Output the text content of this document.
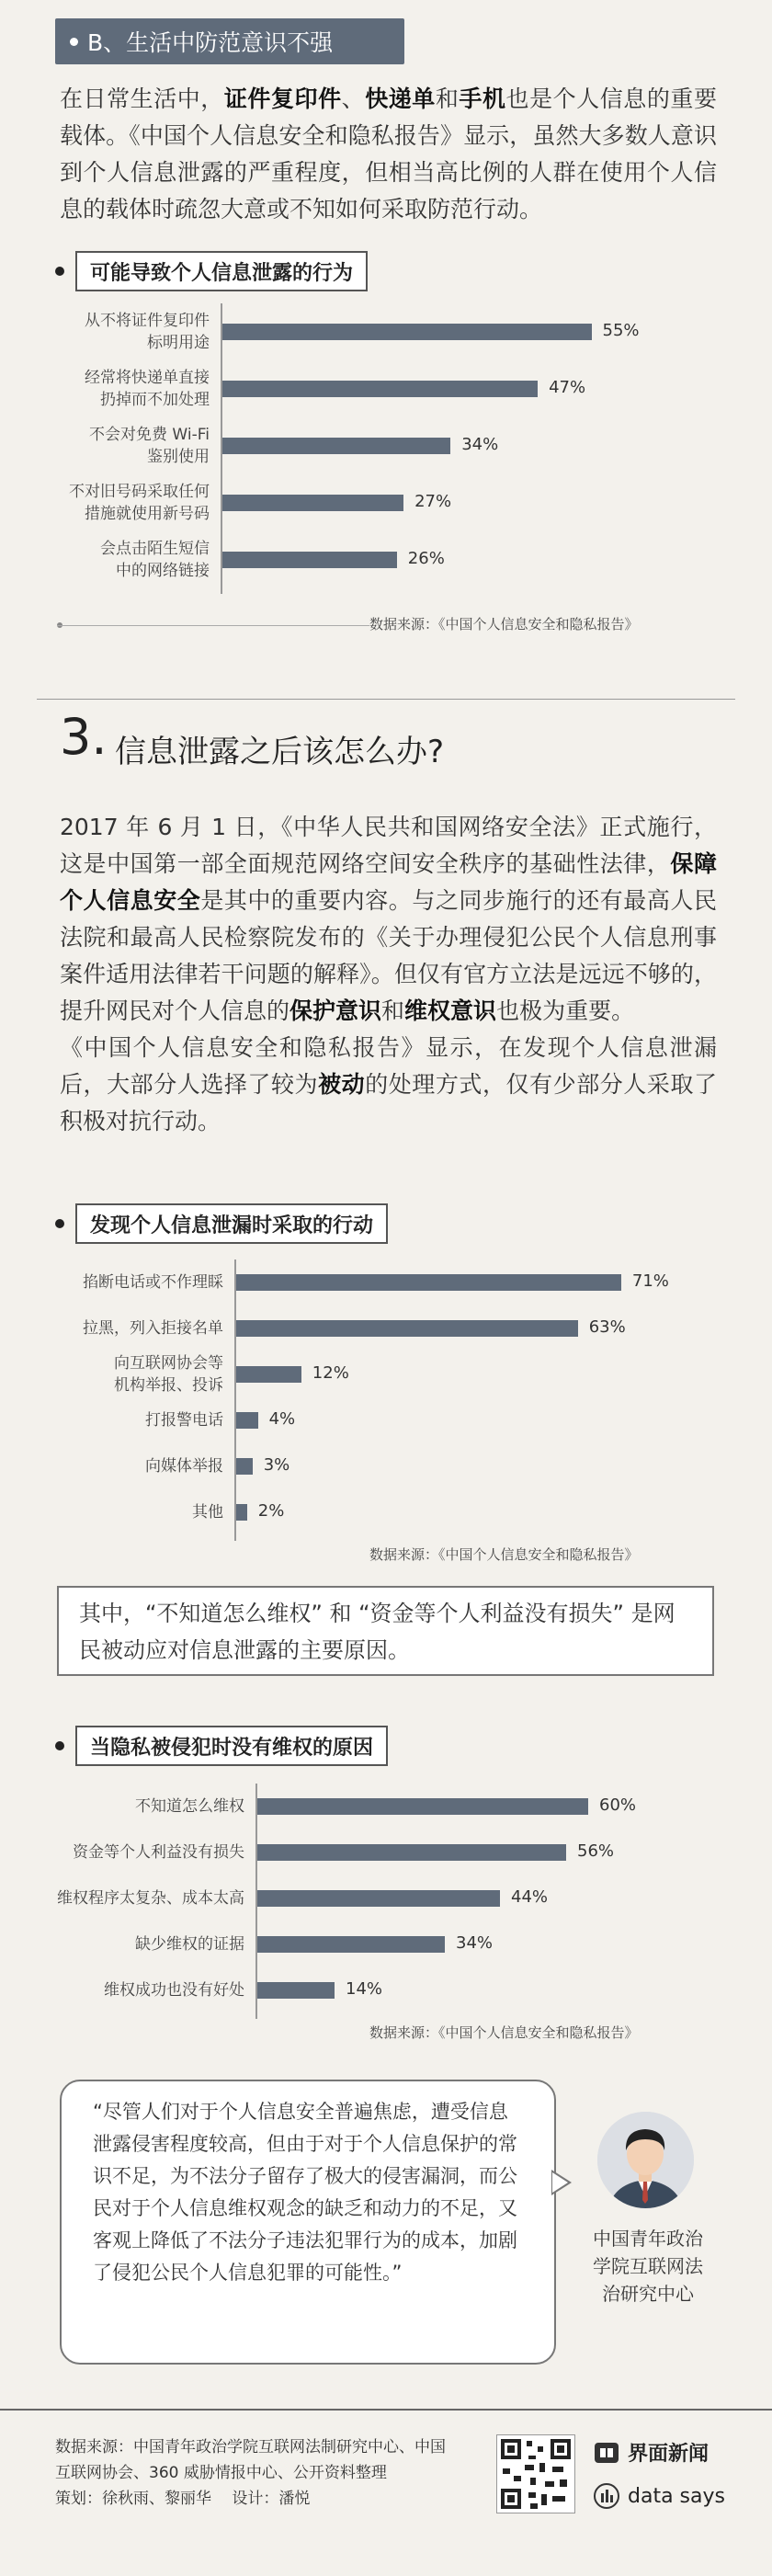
B、生活中防范意识不强
在日常生活中，证件复印件、快递单和手机也是个人信息的重要载体。《中国个人信息安全和隐私报告》显示，虽然大多数人意识到个人信息泄露的严重程度，但相当高比例的人群在使用个人信息的载体时疏忽大意或不知如何采取防范行动。
可能导致个人信息泄露的行为
从不将证件复印件
标明用途
55%
经常将快递单直接
扔掉而不加处理
47%
不会对免费 Wi-Fi
鉴别使用
34%
不对旧号码采取任何
措施就使用新号码
27%
会点击陌生短信
中的网络链接
26%
数据来源：《中国个人信息安全和隐私报告》
3. 信息泄露之后该怎么办?
2017 年 6 月 1 日，《中华人民共和国网络安全法》正式施行，这是中国第一部全面规范网络空间安全秩序的基础性法律，保障个人信息安全是其中的重要内容。与之同步施行的还有最高人民法院和最高人民检察院发布的《关于办理侵犯公民个人信息刑事案件适用法律若干问题的解释》。但仅有官方立法是远远不够的，提升网民对个人信息的保护意识和维权意识也极为重要。
《中国个人信息安全和隐私报告》显示，在发现个人信息泄漏后，大部分人选择了较为被动的处理方式，仅有少部分人采取了积极对抗行动。
发现个人信息泄漏时采取的行动
掐断电话或不作理睬	71%
拉黑，列入拒接名单	63%
向互联网协会等
机构举报、投诉
12%
打报警电话	4%
向媒体举报 3%
其他 2%
数据来源：《中国个人信息安全和隐私报告》
其中，“不知道怎么维权” 和 “资金等个人利益没有损失” 是网民被动应对信息泄露的主要原因。
当隐私被侵犯时没有维权的原因
不知道怎么维权	60%
资金等个人利益没有损失	56%
维权程序太复杂、成本太高	44%
缺少维权的证据	34%
维权成功也没有好处	14%
数据来源：《中国个人信息安全和隐私报告》
“尽管人们对于个人信息安全普遍焦虑，遭受信息泄露侵害程度较高，但由于对于个人信息保护的常识不足，为不法分子留存了极大的侵害漏洞，而公民对于个人信息维权观念的缺乏和动力的不足，又客观上降低了不法分子违法犯罪行为的成本，加剧了侵犯公民个人信息犯罪的可能性。”
中国青年政治
学院互联网法
治研究中心
数据来源：中国青年政治学院互联网法制研究中心、中国互联网协会、360 威胁情报中心、公开资料整理
策划：徐秋雨、黎丽华　 设计：潘悦
界面新闻
data says
